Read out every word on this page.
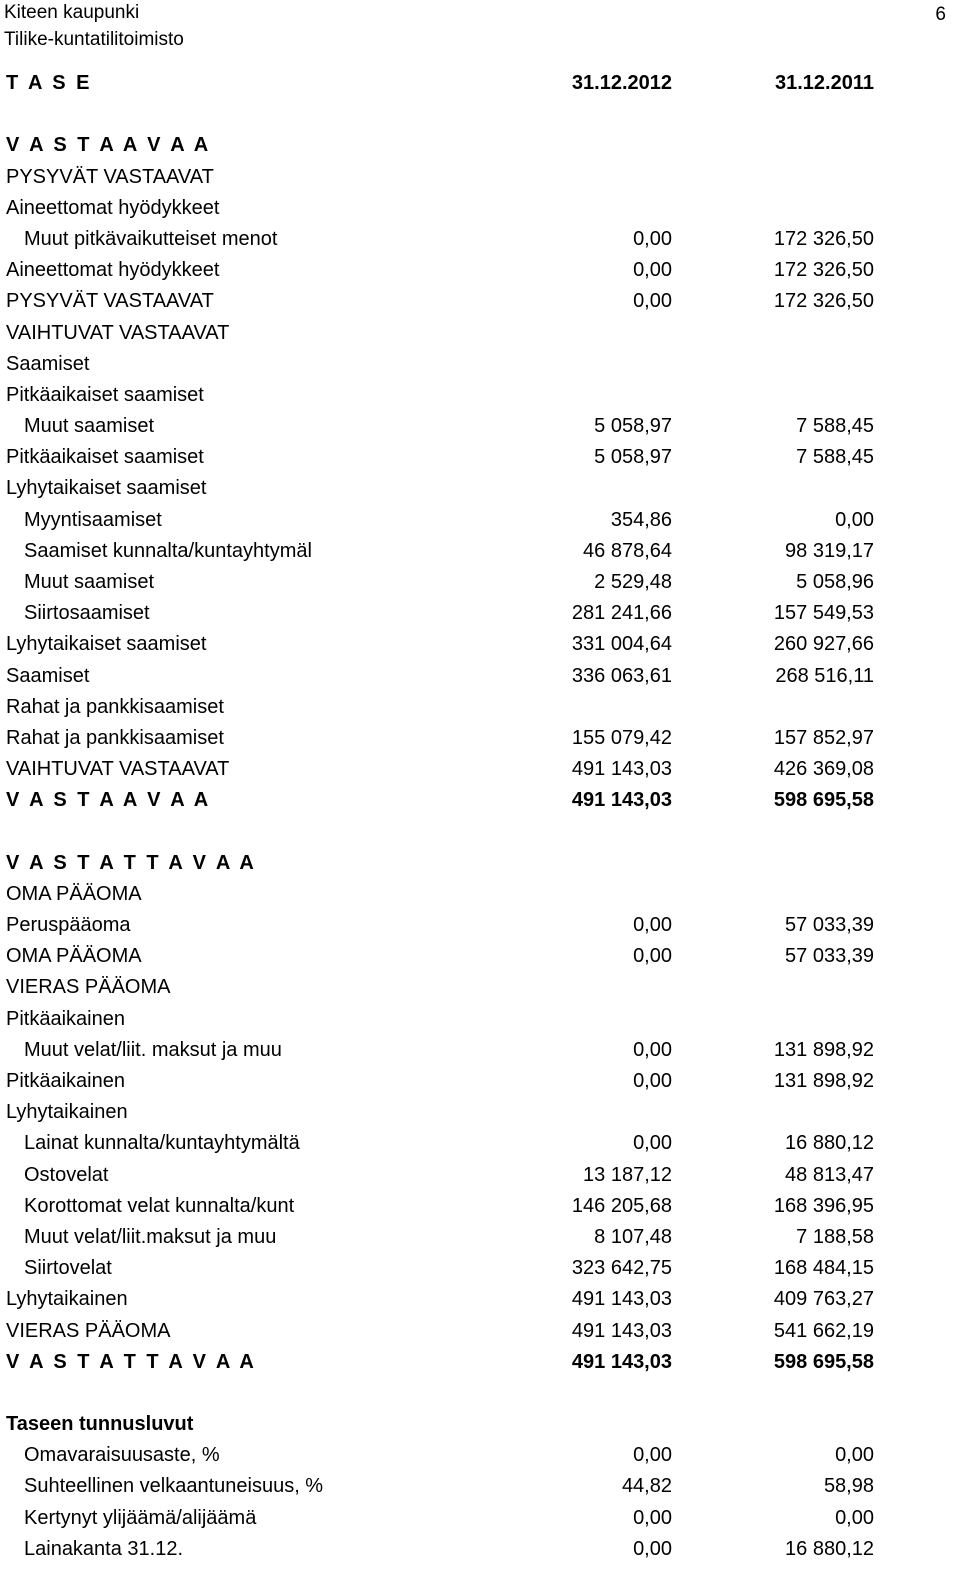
Kiteen kaupunki
Tilike-kuntatilitoimisto
6
T A S E	31.12.2012	31.12.2011
V A S T A A V A A
PYSYVÄT VASTAAVAT
Aineettomat hyödykkeet
Muut pitkävaikutteiset menot	0,00	172 326,50
Aineettomat hyödykkeet	0,00	172 326,50
PYSYVÄT VASTAAVAT	0,00	172 326,50
VAIHTUVAT VASTAAVAT
Saamiset
Pitkäaikaiset saamiset
Muut saamiset	5 058,97	7 588,45
Pitkäaikaiset saamiset	5 058,97	7 588,45
Lyhytaikaiset saamiset
Myyntisaamiset	354,86	0,00
Saamiset kunnalta/kuntayhtymäl	46 878,64	98 319,17
Muut saamiset	2 529,48	5 058,96
Siirtosaamiset	281 241,66	157 549,53
Lyhytaikaiset saamiset	331 004,64	260 927,66
Saamiset	336 063,61	268 516,11
Rahat ja pankkisaamiset
Rahat ja pankkisaamiset	155 079,42	157 852,97
VAIHTUVAT VASTAAVAT	491 143,03	426 369,08
V A S T A A V A A	491 143,03	598 695,58
V A S T A T T A V A A
OMA PÄÄOMA
Peruspääoma	0,00	57 033,39
OMA PÄÄOMA	0,00	57 033,39
VIERAS PÄÄOMA
Pitkäaikainen
Muut velat/liit. maksut ja muu	0,00	131 898,92
Pitkäaikainen	0,00	131 898,92
Lyhytaikainen
Lainat kunnalta/kuntayhtymältä	0,00	16 880,12
Ostovelat	13 187,12	48 813,47
Korottomat velat kunnalta/kunt	146 205,68	168 396,95
Muut velat/liit.maksut ja muu	8 107,48	7 188,58
Siirtovelat	323 642,75	168 484,15
Lyhytaikainen	491 143,03	409 763,27
VIERAS PÄÄOMA	491 143,03	541 662,19
V A S T A T T A V A A	491 143,03	598 695,58
Taseen tunnusluvut
Omavaraisuusaste, %	0,00	0,00
Suhteellinen velkaantuneisuus, %	44,82	58,98
Kertynyt ylijäämä/alijäämä	0,00	0,00
Lainakanta 31.12.	0,00	16 880,12
